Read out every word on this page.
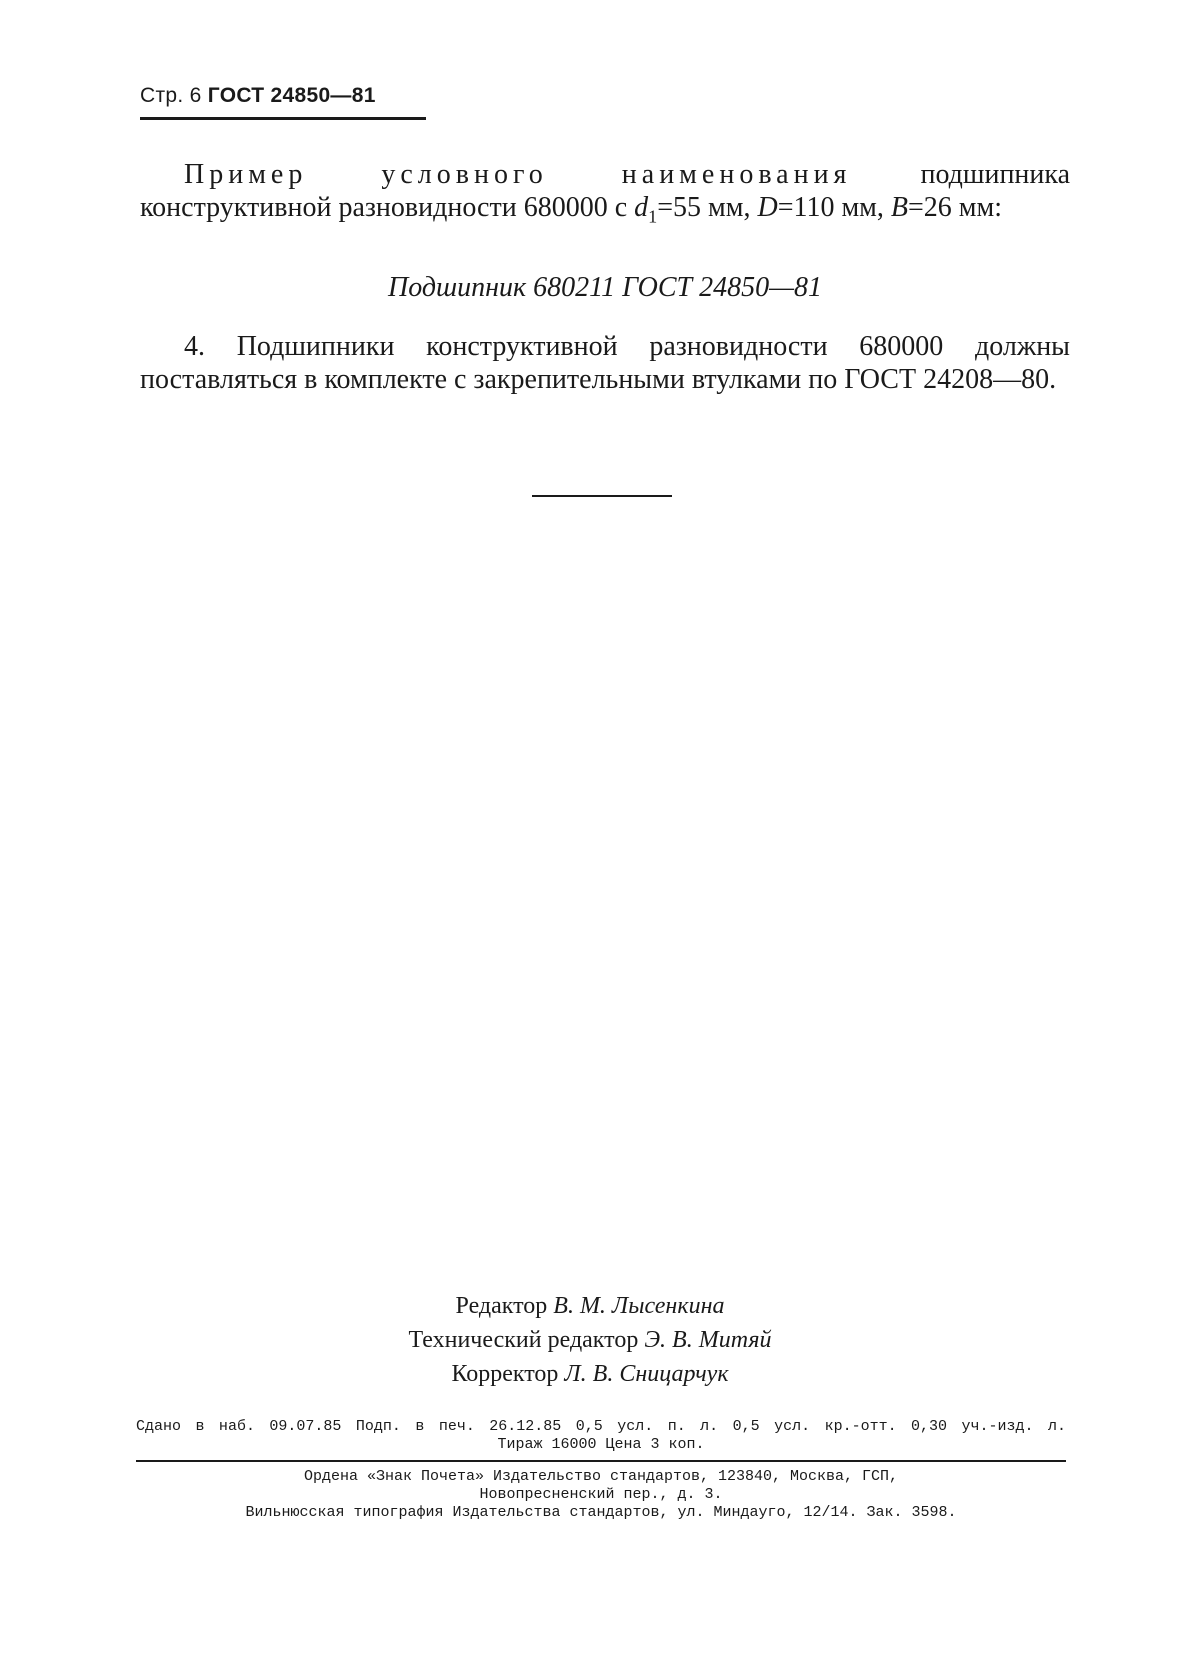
Стр. 6 ГОСТ 24850—81
Пример условного наименования подшипника конструктивной разновидности 680000 с $d_1=55$ мм, D=110 мм, B=26 мм:
Подшипник 680211 ГОСТ 24850—81
4. Подшипники конструктивной разновидности 680000 должны поставляться в комплекте с закрепительными втулками по ГОСТ 24208—80.
Редактор В. М. Лысенкина
Технический редактор Э. В. Митяй
Корректор Л. В. Сницарчук
Сдано в наб. 09.07.85 Подп. в печ. 26.12.85 0,5 усл. п. л. 0,5 усл. кр.-отт. 0,30 уч.-изд. л.
Тираж 16000 Цена 3 коп.
Ордена «Знак Почета» Издательство стандартов, 123840, Москва, ГСП,
Новопресненский пер., д. 3.
Вильнюсская типография Издательства стандартов, ул. Миндауго, 12/14. Зак. 3598.
